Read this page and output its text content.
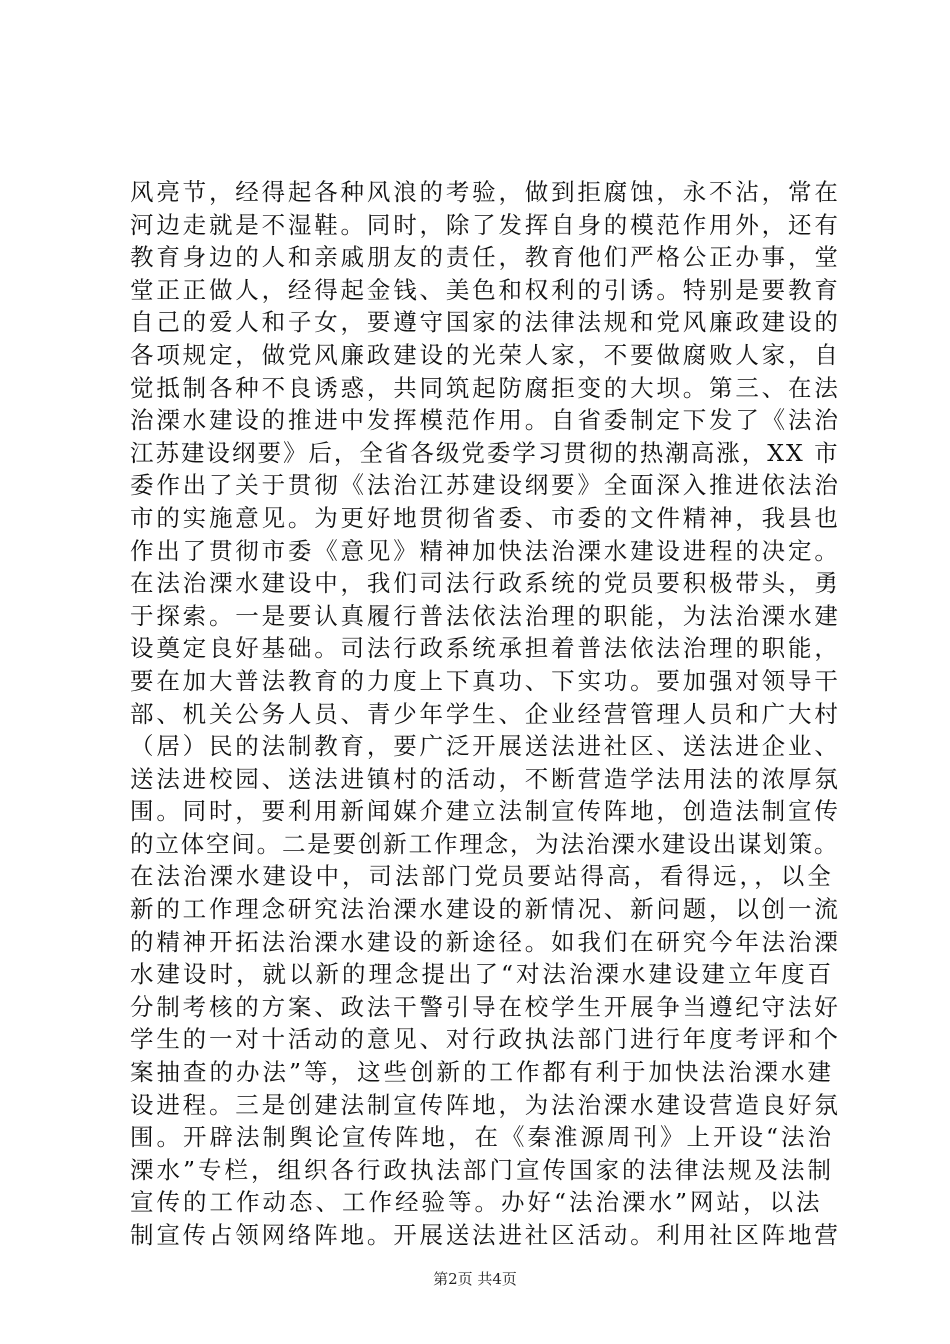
风亮节，经得起各种风浪的考验，做到拒腐蚀，永不沾，常在
河边走就是不湿鞋。同时，除了发挥自身的模范作用外，还有
教育身边的人和亲戚朋友的责任，教育他们严格公正办事，堂
堂正正做人，经得起金钱、美色和权利的引诱。特别是要教育
自己的爱人和子女，要遵守国家的法律法规和党风廉政建设的
各项规定，做党风廉政建设的光荣人家，不要做腐败人家，自
觉抵制各种不良诱惑，共同筑起防腐拒变的大坝。第三、在法
治溧水建设的推进中发挥模范作用。自省委制定下发了《法治
江苏建设纲要》后，全省各级党委学习贯彻的热潮高涨，XX 市
委作出了关于贯彻《法治江苏建设纲要》全面深入推进依法治
市的实施意见。为更好地贯彻省委、市委的文件精神，我县也
作出了贯彻市委《意见》精神加快法治溧水建设进程的决定。
在法治溧水建设中，我们司法行政系统的党员要积极带头，勇
于探索。一是要认真履行普法依法治理的职能，为法治溧水建
设奠定良好基础。司法行政系统承担着普法依法治理的职能，
要在加大普法教育的力度上下真功、下实功。要加强对领导干
部、机关公务人员、青少年学生、企业经营管理人员和广大村
（居）民的法制教育，要广泛开展送法进社区、送法进企业、
送法进校园、送法进镇村的活动，不断营造学法用法的浓厚氛
围。同时，要利用新闻媒介建立法制宣传阵地，创造法制宣传
的立体空间。二是要创新工作理念，为法治溧水建设出谋划策。
在法治溧水建设中，司法部门党员要站得高，看得远，，以全
新的工作理念研究法治溧水建设的新情况、新问题，以创一流
的精神开拓法治溧水建设的新途径。如我们在研究今年法治溧
水建设时，就以新的理念提出了“对法治溧水建设建立年度百
分制考核的方案、政法干警引导在校学生开展争当遵纪守法好
学生的一对十活动的意见、对行政执法部门进行年度考评和个
案抽查的办法”等，这些创新的工作都有利于加快法治溧水建
设进程。三是创建法制宣传阵地，为法治溧水建设营造良好氛
围。开辟法制舆论宣传阵地，在《秦淮源周刊》上开设“法治
溧水”专栏，组织各行政执法部门宣传国家的法律法规及法制
宣传的工作动态、工作经验等。办好“法治溧水”网站，以法
制宣传占领网络阵地。开展送法进社区活动。利用社区阵地营
第2页 共4页
